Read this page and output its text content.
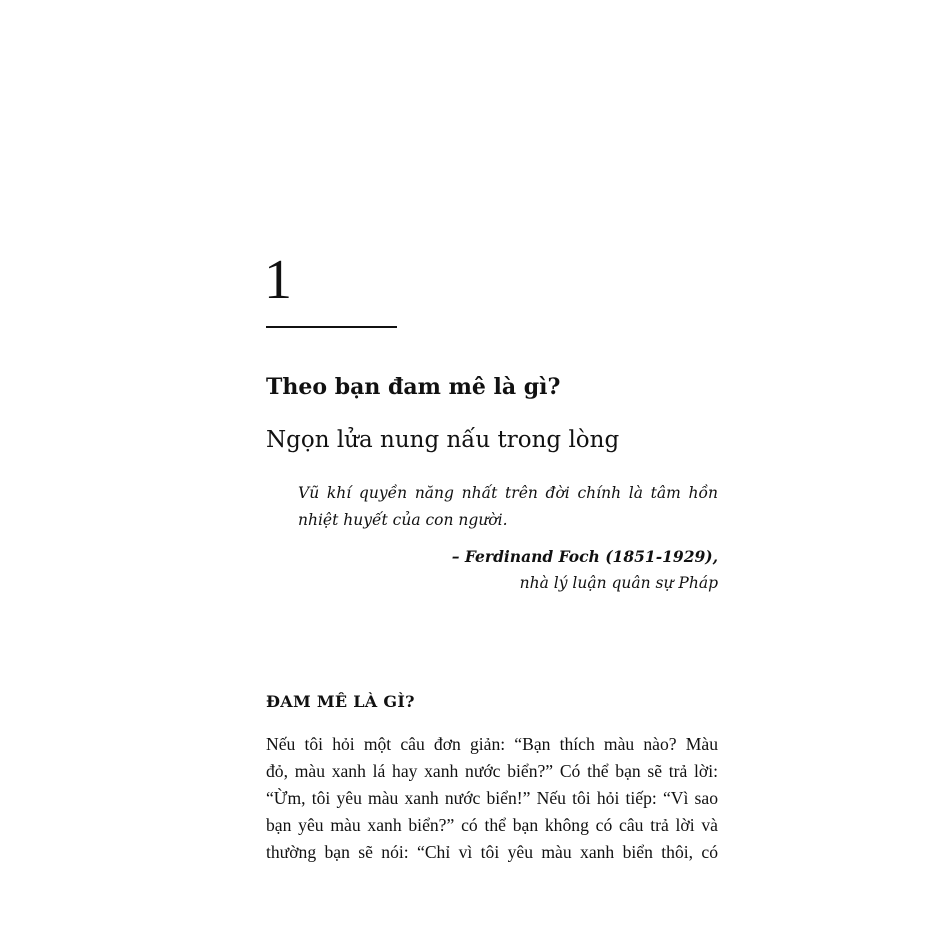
1
Theo bạn đam mê là gì?
Ngọn lửa nung nấu trong lòng

Vũ khí quyền năng nhất trên đời chính là tâm hồn nhiệt huyết của con người.

– Ferdinand Foch (1851-1929),

nhà lý luận quân sự Pháp

ĐAM MÊ LÀ GÌ?
Nếu tôi hỏi một câu đơn giản: “Bạn thích màu nào? Màu
đỏ, màu xanh lá hay xanh nước biển?” Có thể bạn sẽ trả lời:
“Ừm, tôi yêu màu xanh nước biển!” Nếu tôi hỏi tiếp: “Vì sao
bạn yêu màu xanh biển?” có thể bạn không có câu trả lời và
thường bạn sẽ nói: “Chỉ vì tôi yêu màu xanh biển thôi, có
